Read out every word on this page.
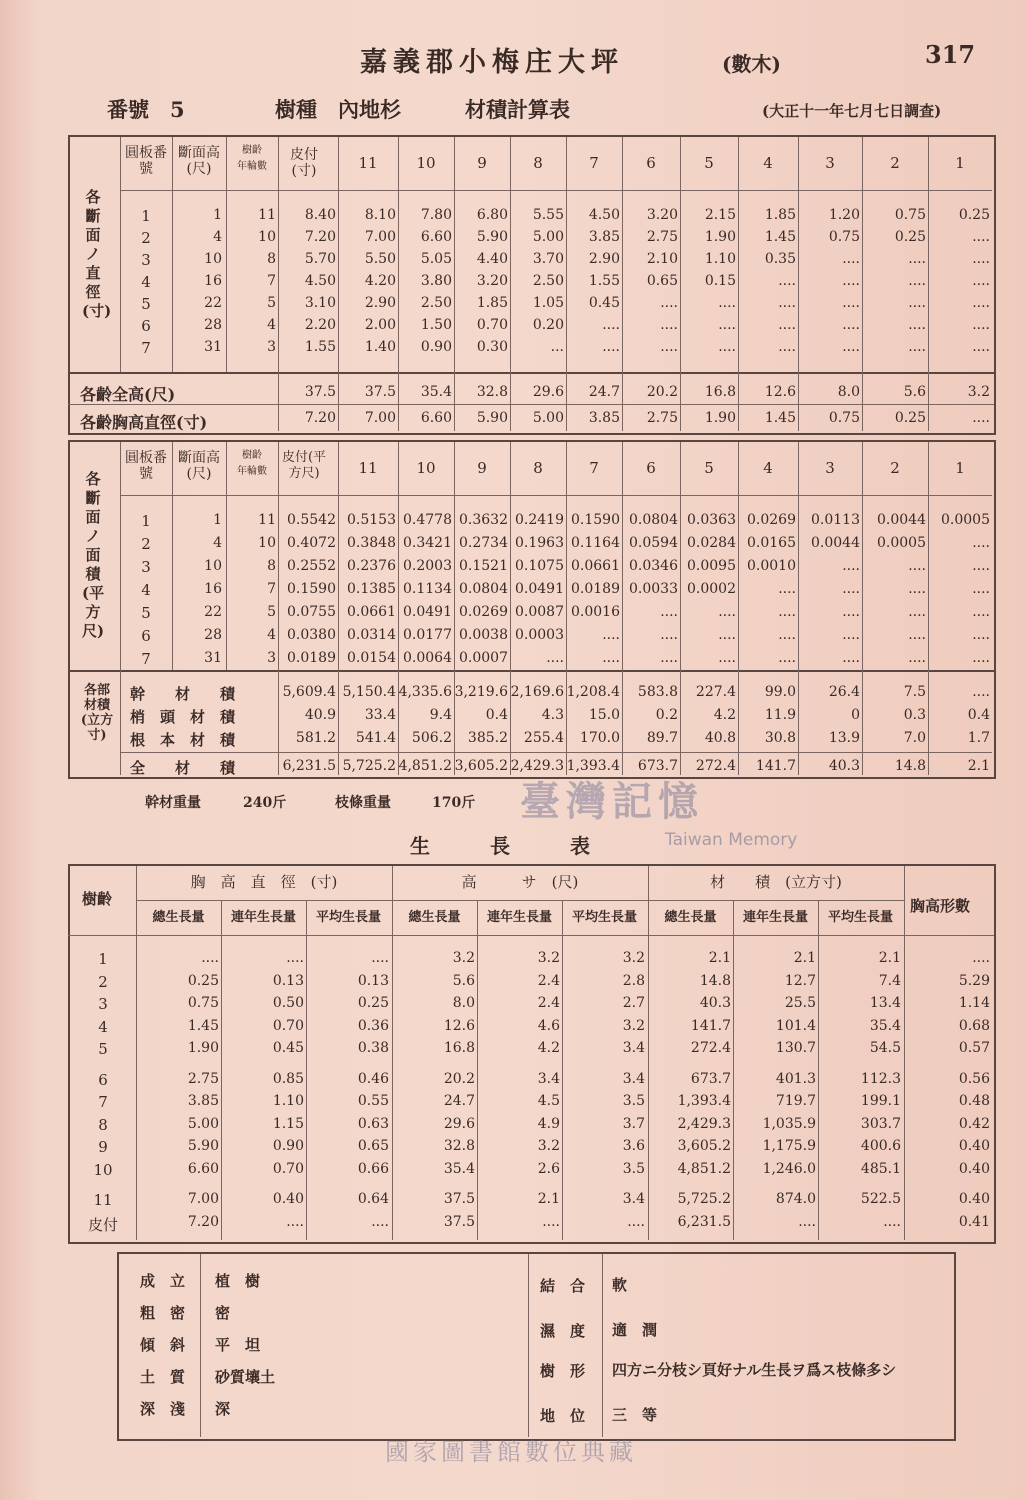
嘉義郡小梅庄大坪	(數木)	317
番號　5	樹種　內地杉	材積計算表	(大正十一年七月七日調查)
各斷面ノ直徑(寸)
圓板番號
斷面高(尺)
樹齡
年輪數
皮付(寸)	11	10	9	8	7	6	5	4	3	2	1
1	1	11	8.40	8.10	7.80	6.80	5.55	4.50	3.20	2.15	1.85	1.20	0.75	0.25
2	4	10	7.20	7.00	6.60	5.90	5.00	3.85	2.75	1.90	1.45	0.75	0.25	....
3	10	8	5.70	5.50	5.05	4.40	3.70	2.90	2.10	1.10	0.35	....	....	....
4	16	7	4.50	4.20	3.80	3.20	2.50	1.55	0.65	0.15	....	....	....	....
5	22	5	3.10	2.90	2.50	1.85	1.05	0.45	....	....	....	....	....	....
6	28	4	2.20	2.00	1.50	0.70	0.20	....	....	....	....	....	....	....
7	31	3	1.55	1.40	0.90	0.30	...	....	....	....	....	....	....	....
各齡全高(尺)
各齡胸高直徑(寸)
37.5	37.5	35.4	32.8	29.6	24.7	20.2	16.8	12.6	8.0	5.6	3.2
7.20	7.00	6.60	5.90	5.00	3.85	2.75	1.90	1.45	0.75	0.25	....
各斷面ノ面積(平方尺)
各部材積(立方寸)
圓板番號
斷面高(尺)
樹齡
年輪數
皮付(平方尺)	11	10	9	8	7	6	5	4	3	2	1
1	1	11 0.5542 0.5153 0.4778 0.3632 0.2419 0.1590 0.0804 0.0363 0.0269	0.0113	0.0044	0.0005
2	4	10 0.4072 0.3848 0.3421 0.2734 0.1963 0.1164 0.0594 0.0284 0.0165	0.0044	0.0005	....
3	10	8 0.2552 0.2376 0.2003 0.1521 0.1075 0.0661 0.0346 0.0095 0.0010	....	....	....
4	16	7 0.1590 0.1385 0.1134 0.0804 0.0491 0.0189 0.0033 0.0002	....	....	....	....
5	22	5 0.0755 0.0661 0.0491 0.0269 0.0087 0.0016	....	....	....	....	....	....
6	28	4 0.0380 0.0314 0.0177 0.0038 0.0003	....	....	....	....	....	....	....
7	31	3 0.0189 0.0154 0.0064 0.0007	....	....	....	....	....	....	....	....
幹　　材　　積	5,609.4 5,150.4 4,335.6 3,219.6 2,169.6 1,208.4	583.8	227.4	99.0	26.4	7.5	....
梢　頭　材　積	40.9	33.4	9.4	0.4	4.3	15.0	0.2	4.2	11.9	0	0.3	0.4
根　本　材　積	581.2	541.4	506.2	385.2	255.4	170.0	89.7	40.8	30.8	13.9	7.0	1.7
全　　材　　積	6,231.5 5,725.2 4,851.2 3,605.2 2,429.3 1,393.4	673.7	272.4	141.7	40.3	14.8	2.1
幹材重量	240斤	枝條重量	170斤
生　　　長　　　表
樹齡	胸高形數
胸　高　直　徑　(寸)
總生長量	連年生長量	平均生長量
高　　　サ　(尺)
總生長量	連年生長量	平均生長量
材　　積　(立方寸)
總生長量	連年生長量	平均生長量
1	....	....	....	3.2	3.2	3.2	2.1	2.1	2.1	....
2	0.25	0.13	0.13	5.6	2.4	2.8	14.8	12.7	7.4	5.29
3	0.75	0.50	0.25	8.0	2.4	2.7	40.3	25.5	13.4	1.14
4	1.45	0.70	0.36	12.6	4.6	3.2	141.7	101.4	35.4	0.68
5	1.90	0.45	0.38	16.8	4.2	3.4	272.4	130.7	54.5	0.57
6	2.75	0.85	0.46	20.2	3.4	3.4	673.7	401.3	112.3	0.56
7	3.85	1.10	0.55	24.7	4.5	3.5	1,393.4	719.7	199.1	0.48
8	5.00	1.15	0.63	29.6	4.9	3.7	2,429.3	1,035.9	303.7	0.42
9	5.90	0.90	0.65	32.8	3.2	3.6	3,605.2	1,175.9	400.6	0.40
10	6.60	0.70	0.66	35.4	2.6	3.5	4,851.2	1,246.0	485.1	0.40
11	7.00	0.40	0.64	37.5	2.1	3.4	5,725.2	874.0	522.5	0.40
皮付	7.20	....	....	37.5	....	....	6,231.5	....	....	0.41
成　立 植　樹
粗　密 密
傾　斜 平　坦
土　質 砂質壤土
深　淺 深
結　合 軟
濕　度 適　潤
樹　形 四方ニ分枝シ頁好ナル生長ヲ爲ス枝條多シ
地　位 三　等
臺灣記憶
Taiwan Memory
國家圖書館數位典藏
